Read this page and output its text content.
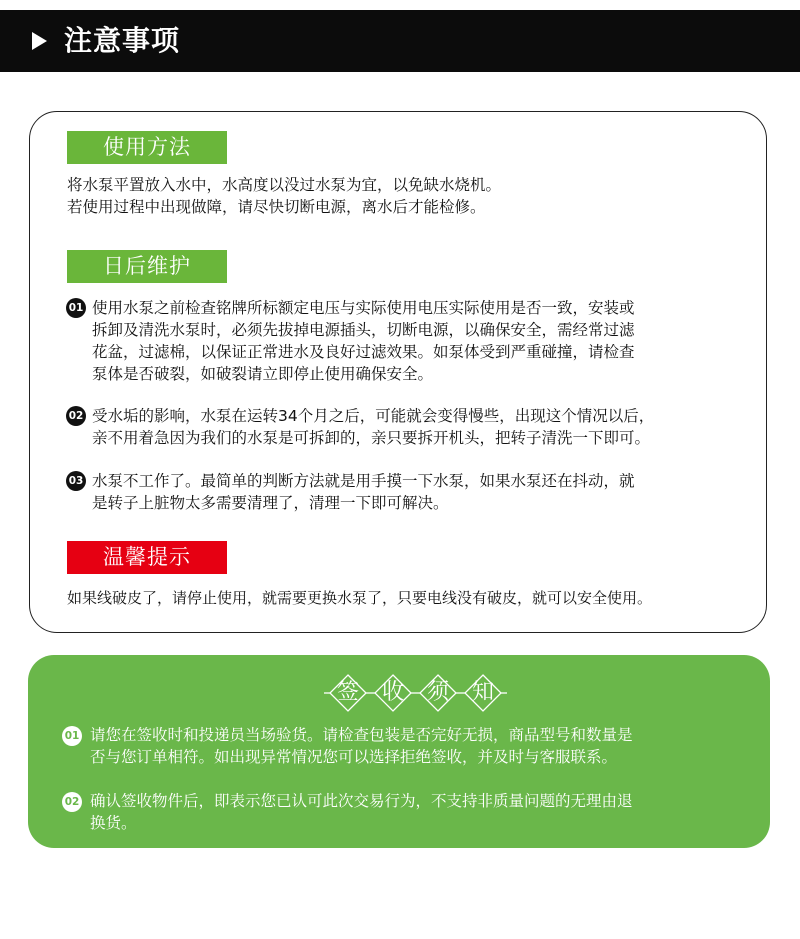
注意事项
使用方法
将水泵平置放入水中，水高度以没过水泵为宜，以免缺水烧机。
若使用过程中出现做障，请尽快切断电源，离水后才能检修。
日后维护
01 使用水泵之前检查铭牌所标额定电压与实际使用电压实际使用是否一致，安装或
拆卸及清洗水泵时，必须先拔掉电源插头，切断电源，以确保安全，需经常过滤
花盆，过滤棉，以保证正常进水及良好过滤效果。如泵体受到严重碰撞，请检查
泵体是否破裂，如破裂请立即停止使用确保安全。
02 受水垢的影响，水泵在运转34个月之后，可能就会变得慢些，出现这个情况以后，
亲不用着急因为我们的水泵是可拆卸的，亲只要拆开机头，把转子清洗一下即可。
03 水泵不工作了。最简单的判断方法就是用手摸一下水泵，如果水泵还在抖动，就
是转子上脏物太多需要清理了，清理一下即可解决。
温馨提示
如果线破皮了，请停止使用，就需要更换水泵了，只要电线没有破皮，就可以安全使用。
签 收 须 知
01 请您在签收时和投递员当场验货。请检查包装是否完好无损，商品型号和数量是
否与您订单相符。如出现异常情况您可以选择拒绝签收，并及时与客服联系。
02 确认签收物件后，即表示您已认可此次交易行为，不支持非质量问题的无理由退
换货。
